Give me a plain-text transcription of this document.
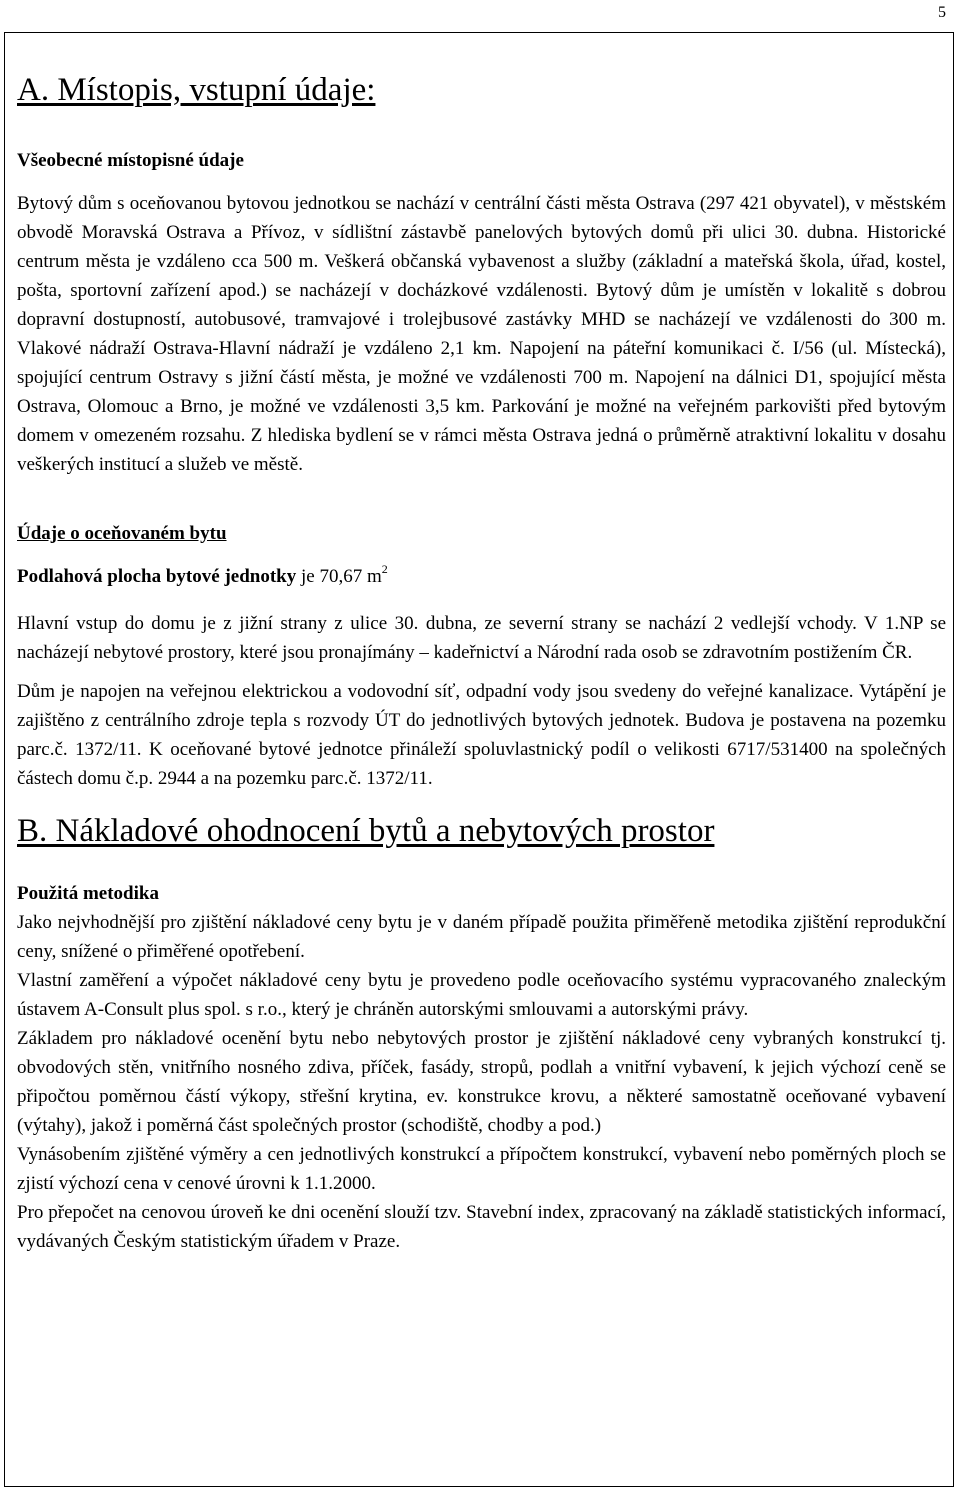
5
A. Místopis, vstupní údaje:
Všeobecné místopisné údaje

Bytový dům s oceňovanou bytovou jednotkou se nachází v centrální části města Ostrava (297 421 obyvatel), v městském obvodě Moravská Ostrava a Přívoz, v sídlištní zástavbě panelových bytových domů při ulici 30. dubna. Historické centrum města je vzdáleno cca 500 m. Veškerá občanská vybavenost a služby (základní a mateřská škola, úřad, kostel, pošta, sportovní zařízení apod.) se nacházejí v docházkové vzdálenosti. Bytový dům je umístěn v lokalitě s dobrou dopravní dostupností, autobusové, tramvajové i trolejbusové zastávky MHD se nacházejí ve vzdálenosti do 300 m. Vlakové nádraží Ostrava-Hlavní nádraží je vzdáleno 2,1 km. Napojení na páteřní komunikaci č. I/56 (ul. Místecká), spojující centrum Ostravy s jižní částí města, je možné ve vzdálenosti 700 m. Napojení na dálnici D1, spojující města Ostrava, Olomouc a Brno, je možné ve vzdálenosti 3,5 km. Parkování je možné na veřejném parkovišti před bytovým domem v omezeném rozsahu. Z hlediska bydlení se v rámci města Ostrava jedná o průměrně atraktivní lokalitu v dosahu veškerých institucí a služeb ve městě.

Údaje o oceňovaném bytu

Podlahová plocha bytové jednotky je 70,67 $m^2$

Hlavní vstup do domu je z jižní strany z ulice 30. dubna, ze severní strany se nachází 2 vedlejší vchody. V 1.NP se nacházejí nebytové prostory, které jsou pronajímány – kadeřnictví a Národní rada osob se zdravotním postižením ČR.

Dům je napojen na veřejnou elektrickou a vodovodní síť, odpadní vody jsou svedeny do veřejné kanalizace. Vytápění je zajištěno z centrálního zdroje tepla s rozvody ÚT do jednotlivých bytových jednotek. Budova je postavena na pozemku parc.č. 1372/11. K oceňované bytové jednotce přináleží spoluvlastnický podíl o velikosti 6717/531400 na společných částech domu č.p. 2944 a na pozemku parc.č. 1372/11.

B. Nákladové ohodnocení bytů a nebytových prostor
Použitá metodika

Jako nejvhodnější pro zjištění nákladové ceny bytu je v daném případě použita přiměřeně metodika zjištění reprodukční ceny, snížené o přiměřené opotřebení.

Vlastní zaměření a výpočet nákladové ceny bytu je provedeno podle oceňovacího systému vypracovaného znaleckým ústavem A-Consult plus spol. s r.o., který je chráněn autorskými smlouvami a autorskými právy.

Základem pro nákladové ocenění bytu nebo nebytových prostor je zjištění nákladové ceny vybraných konstrukcí tj. obvodových stěn, vnitřního nosného zdiva, příček, fasády, stropů, podlah a vnitřní vybavení, k jejich výchozí ceně se připočtou poměrnou částí výkopy, střešní krytina, ev. konstrukce krovu, a některé samostatně oceňované vybavení (výtahy), jakož i poměrná část společných prostor (schodiště, chodby a pod.)

Vynásobením zjištěné výměry a cen jednotlivých konstrukcí a přípočtem konstrukcí, vybavení nebo poměrných ploch se zjistí výchozí cena v cenové úrovni k 1.1.2000.

Pro přepočet na cenovou úroveň ke dni ocenění slouží tzv. Stavební index, zpracovaný na základě statistických informací, vydávaných Českým statistickým úřadem v Praze.
